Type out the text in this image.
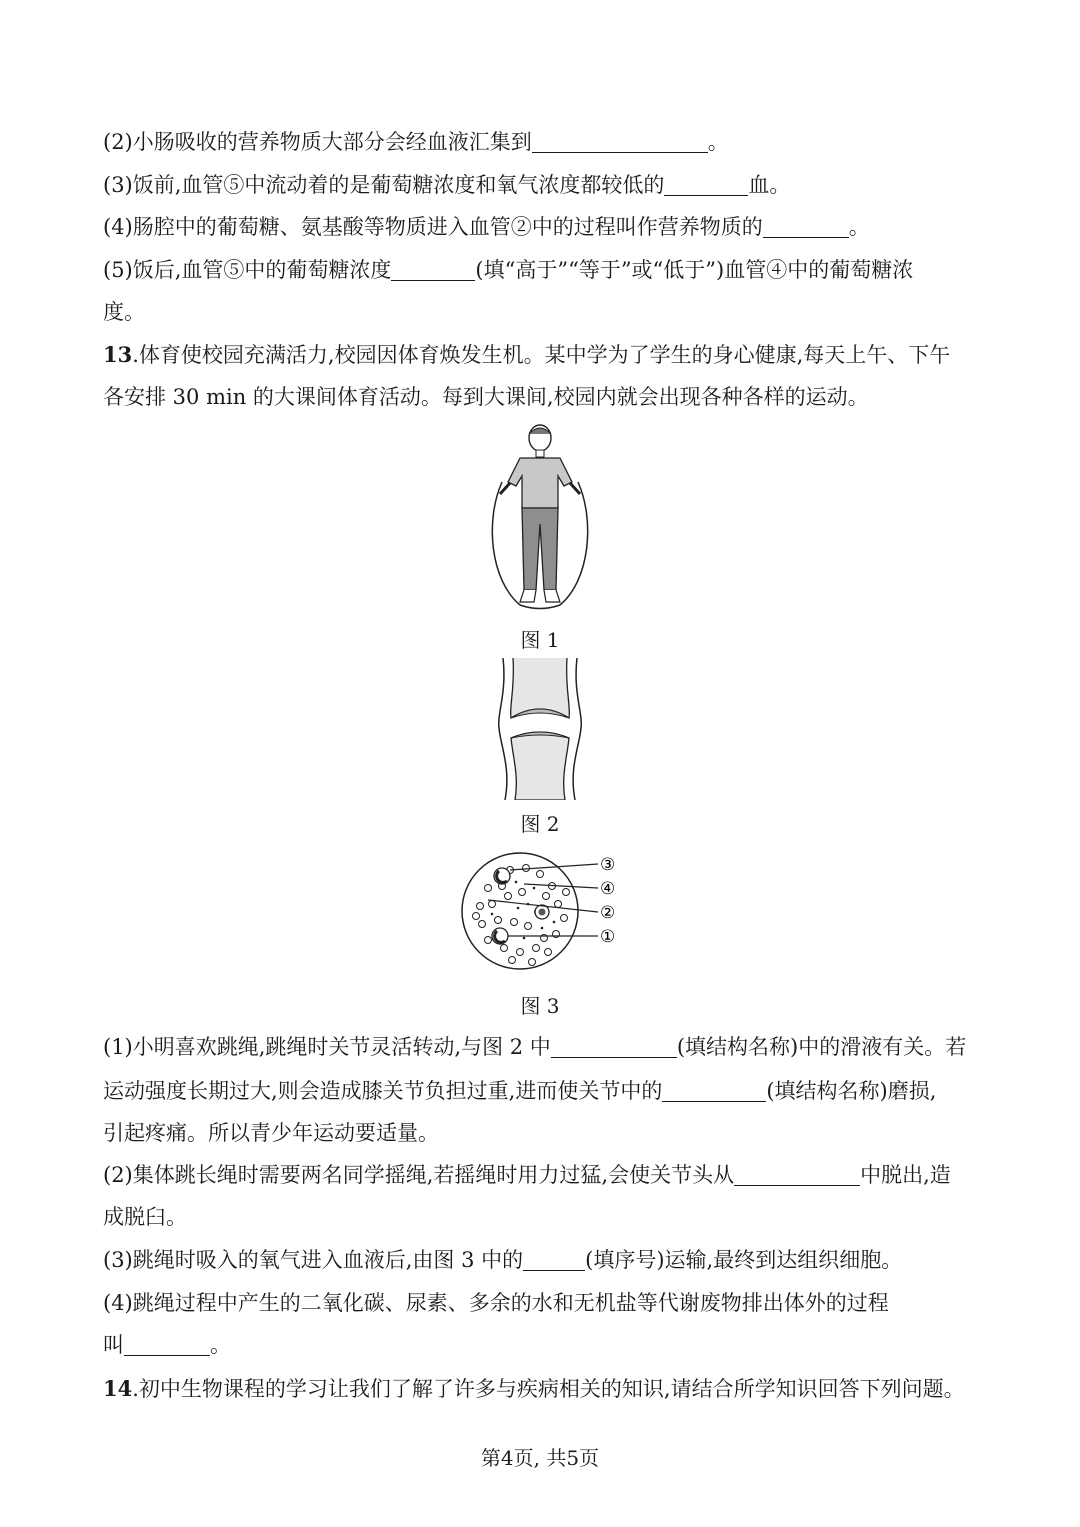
(2)小肠吸收的营养物质大部分会经血液汇集到	。
(3)饭前,血管⑤中流动着的是葡萄糖浓度和氧气浓度都较低的	血。
(4)肠腔中的葡萄糖、氨基酸等物质进入血管②中的过程叫作营养物质的	。
(5)饭后,血管⑤中的葡萄糖浓度	(填“高于”“等于”或“低于”)血管④中的葡萄糖浓
度。
13.体育使校园充满活力,校园因体育焕发生机。某中学为了学生的身心健康,每天上午、下午
各安排 30 min 的大课间体育活动。每到大课间,校园内就会出现各种各样的运动。
图 1
图 2
③
④
②
①
图 3
(1)小明喜欢跳绳,跳绳时关节灵活转动,与图 2 中	(填结构名称)中的滑液有关。若
运动强度长期过大,则会造成膝关节负担过重,进而使关节中的	(填结构名称)磨损,
引起疼痛。所以青少年运动要适量。
(2)集体跳长绳时需要两名同学摇绳,若摇绳时用力过猛,会使关节头从	中脱出,造
成脱臼。
(3)跳绳时吸入的氧气进入血液后,由图 3 中的	(填序号)运输,最终到达组织细胞。
(4)跳绳过程中产生的二氧化碳、尿素、多余的水和无机盐等代谢废物排出体外的过程
叫	。
14.初中生物课程的学习让我们了解了许多与疾病相关的知识,请结合所学知识回答下列问题。
第4页, 共5页
